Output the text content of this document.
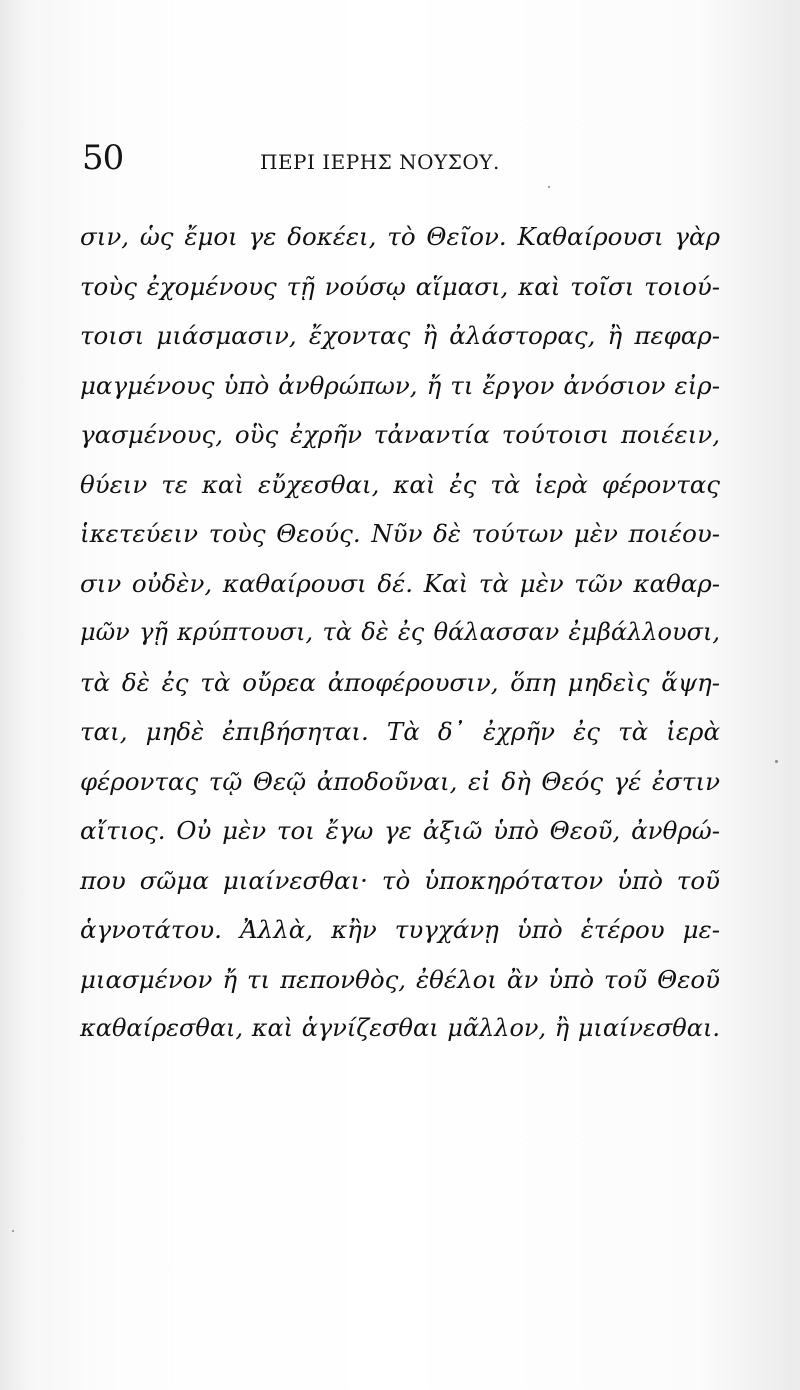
50	ΠΕΡΙ ΙΕΡΗΣ ΝΟΥΣΟΥ.
σιν, ὡς ἔμοι γε δοκέει, τὸ Θεῖον. Καθαίρουσι γὰρ
τοὺς ἐχομένους τῇ νούσῳ αἵμασι, καὶ τοῖσι τοιού-
τοισι μιάσμασιν, ἔχοντας ἢ ἀλάστορας, ἢ πεφαρ-
μαγμένους ὑπὸ ἀνθρώπων, ἤ τι ἔργον ἀνόσιον εἰρ-
γασμένους, οὓς ἐχρῆν τἀναντία τούτοισι ποιέειν,
θύειν τε καὶ εὔχεσθαι, καὶ ἐς τὰ ἱερὰ φέροντας
ἱκετεύειν τοὺς Θεούς. Νῦν δὲ τούτων μὲν ποιέου-
σιν οὐδὲν, καθαίρουσι δέ. Καὶ τὰ μὲν τῶν καθαρ-
μῶν γῇ κρύπτουσι, τὰ δὲ ἐς θάλασσαν ἐμβάλλουσι,
τὰ δὲ ἐς τὰ οὔρεα ἀποφέρουσιν, ὅπη μηδεὶς ἅψη-
ται, μηδὲ ἐπιβήσηται. Τὰ δ᾽ ἐχρῆν ἐς τὰ ἱερὰ
φέροντας τῷ Θεῷ ἀποδοῦναι, εἰ δὴ Θεός γέ ἐστιν
αἴτιος. Οὐ μὲν τοι ἔγω γε ἀξιῶ ὑπὸ Θεοῦ, ἀνθρώ-
που σῶμα μιαίνεσθαι· τὸ ὑποκηρότατον ὑπὸ τοῦ
ἁγνοτάτου. Ἀλλὰ, κἢν τυγχάνῃ ὑπὸ ἑτέρου με-
μιασμένον ἤ τι πεπονθὸς, ἐθέλοι ἂν ὑπὸ τοῦ Θεοῦ
καθαίρεσθαι, καὶ ἁγνίζεσθαι μᾶλλον, ἢ μιαίνεσθαι.
